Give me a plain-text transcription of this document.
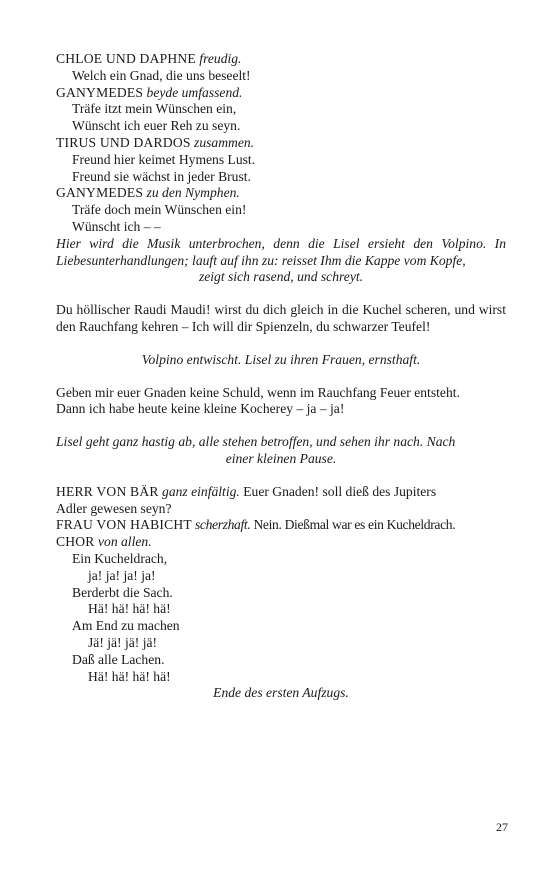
CHLOE UND DAPHNE freudig.
Welch ein Gnad, die uns beseelt!
GANYMEDES beyde umfassend.
Träfe itzt mein Wünschen ein,
Wünscht ich euer Reh zu seyn.
TIRUS UND DARDOS zusammen.
Freund hier keimet Hymens Lust.
Freund sie wächst in jeder Brust.
GANYMEDES zu den Nymphen.
Träfe doch mein Wünschen ein!
Wünscht ich – –
Hier wird die Musik unterbrochen, denn die Lisel ersieht den Volpino. In Liebesunterhandlungen; lauft auf ihn zu: reisset Ihm die Kappe vom Kopfe,
zeigt sich rasend, und schreyt.
Du höllischer Raudi Maudi! wirst du dich gleich in die Kuchel scheren, und wirst den Rauchfang kehren – Ich will dir Spienzeln, du schwarzer Teufel!
Volpino entwischt. Lisel zu ihren Frauen, ernsthaft.
Geben mir euer Gnaden keine Schuld, wenn im Rauchfang Feuer entsteht.
Dann ich habe heute keine kleine Kocherey – ja – ja!
Lisel geht ganz hastig ab, alle stehen betroffen, und sehen ihr nach. Nach
einer kleinen Pause.
HERR VON BÄR ganz einfältig. Euer Gnaden! soll dieß des Jupiters
Adler gewesen seyn?
FRAU VON HABICHT scherzhaft. Nein. Dießmal war es ein Kucheldrach.
CHOR von allen.
Ein Kucheldrach,
ja! ja! ja! ja!
Berderbt die Sach.
Hä! hä! hä! hä!
Am End zu machen
Jä! jä! jä! jä!
Daß alle Lachen.
Hä! hä! hä! hä!
Ende des ersten Aufzugs.
27
